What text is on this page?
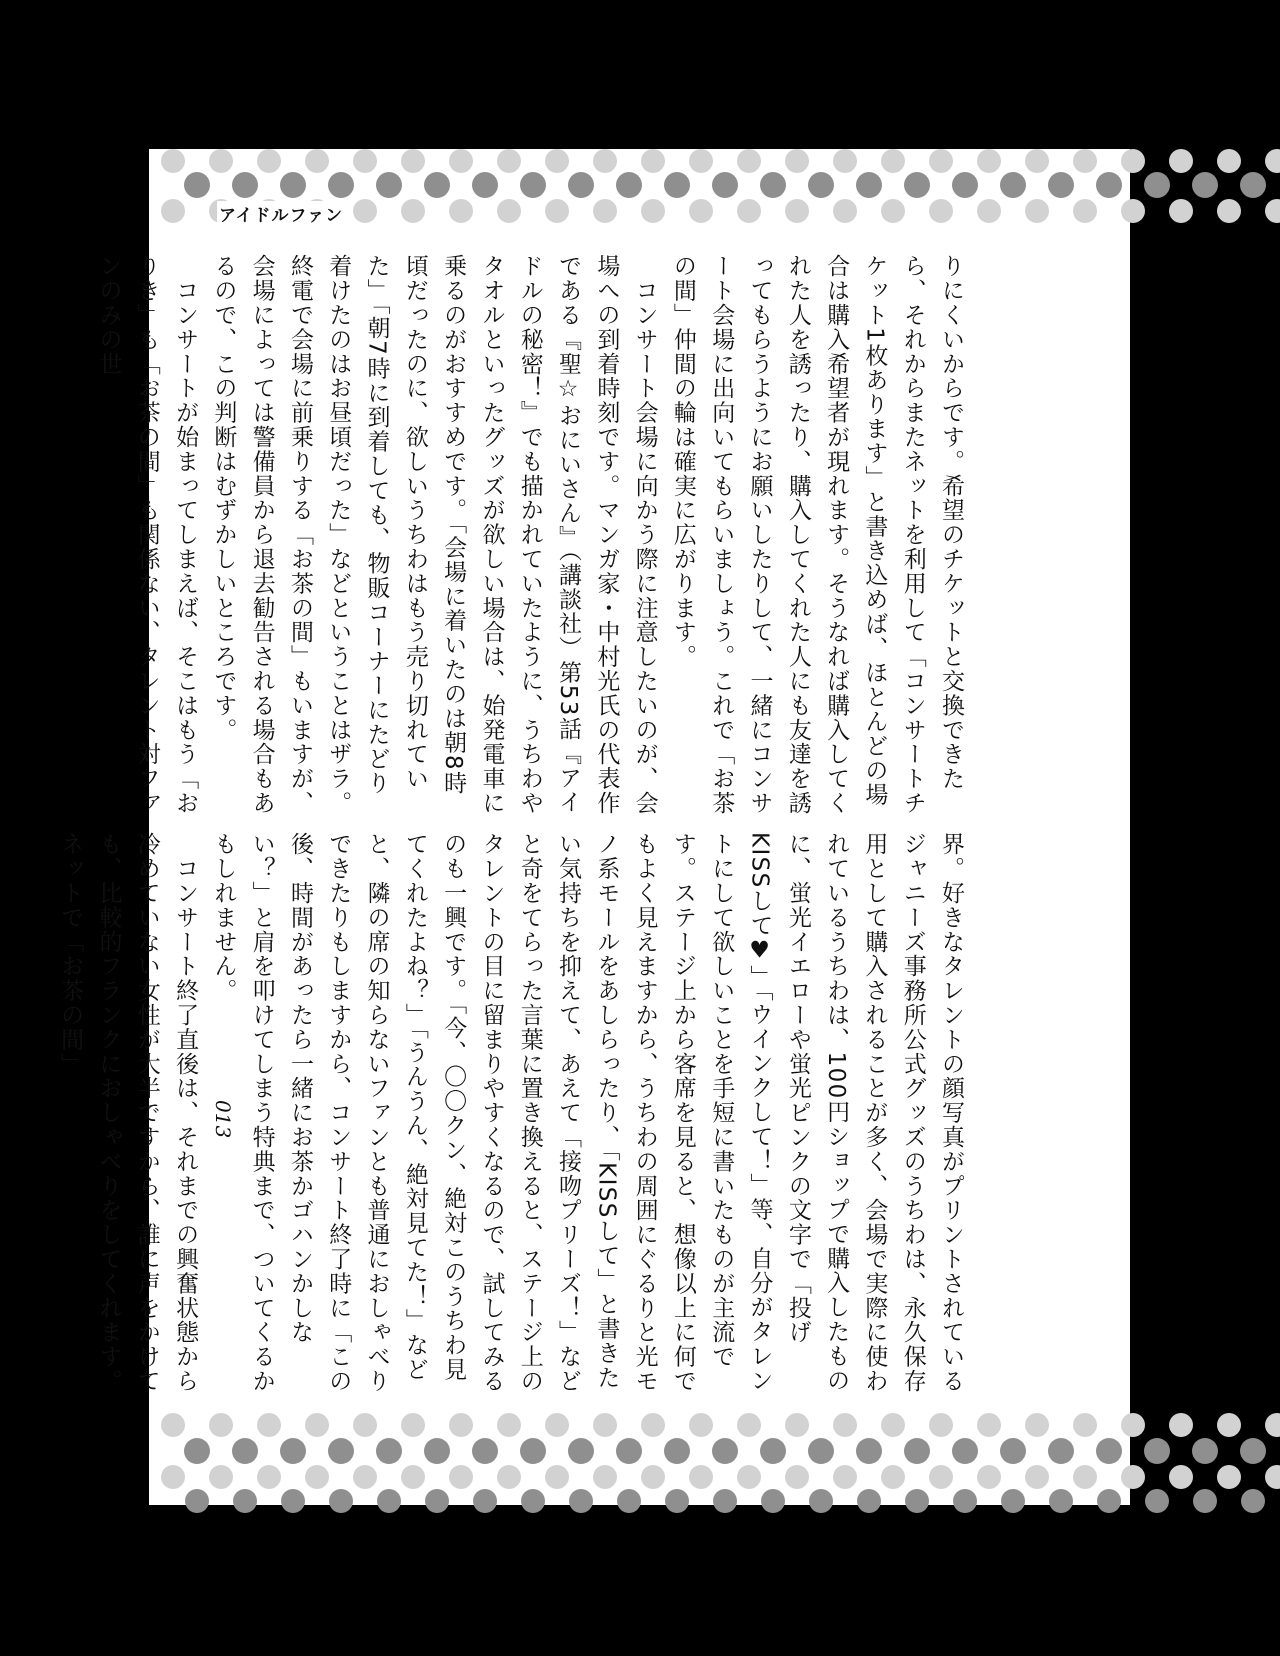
アイドルファン

りにくいからです。希望のチケットと交換できたら、それからまたネットを利用して「コンサートチケット1枚あります」と書き込めば、ほとんどの場合は購入希望者が現れます。そうなれば購入してくれた人を誘ったり、購入してくれた人にも友達を誘ってもらうようにお願いしたりして、一緒にコンサート会場に出向いてもらいましょう。これで「お茶の間」仲間の輪は確実に広がります。

　コンサート会場に向かう際に注意したいのが、会場への到着時刻です。マンガ家・中村光氏の代表作である『聖☆おにいさん』（講談社）第53話『アイドルの秘密！』でも描かれていたように、うちわやタオルといったグッズが欲しい場合は、始発電車に乗るのがおすすめです。「会場に着いたのは朝8時頃だったのに、欲しいうちわはもう売り切れていた」「朝7時に到着しても、物販コーナーにたどり着けたのはお昼頃だった」などということはザラ。終電で会場に前乗りする「お茶の間」もいますが、会場によっては警備員から退去勧告される場合もあるので、この判断はむずかしいところです。

　コンサートが始まってしまえば、そこはもう「おりき」も「お茶の間」も関係ない、タレント対ファンのみの世

界。好きなタレントの顔写真がプリントされているジャニーズ事務所公式グッズのうちわは、永久保存用として購入されることが多く、会場で実際に使われているうちわは、100円ショップで購入したものに、蛍光イエローや蛍光ピンクの文字で「投げKISSして♥」「ウインクして！」等、自分がタレントにして欲しいことを手短に書いたものが主流です。ステージ上から客席を見ると、想像以上に何でもよく見えますから、うちわの周囲にぐるりと光モノ系モールをあしらったり、「KISSして」と書きたい気持ちを抑えて、あえて「接吻プリーズ！」などと奇をてらった言葉に置き換えると、ステージ上のタレントの目に留まりやすくなるので、試してみるのも一興です。「今、〇〇クン、絶対このうちわ見てくれたよね？」「うんうん、絶対見てた！」などと、隣の席の知らないファンとも普通におしゃべりできたりもしますから、コンサート終了時に「この後、時間があったら一緒にお茶かゴハンかしない？」と肩を叩けてしまう特典まで、ついてくるかもしれません。

　コンサート終了直後は、それまでの興奮状態から冷めていない女性が大半ですから、誰に声をかけても、比較的フランクにおしゃべりをしてくれます。ネットで「お茶の間」

013
